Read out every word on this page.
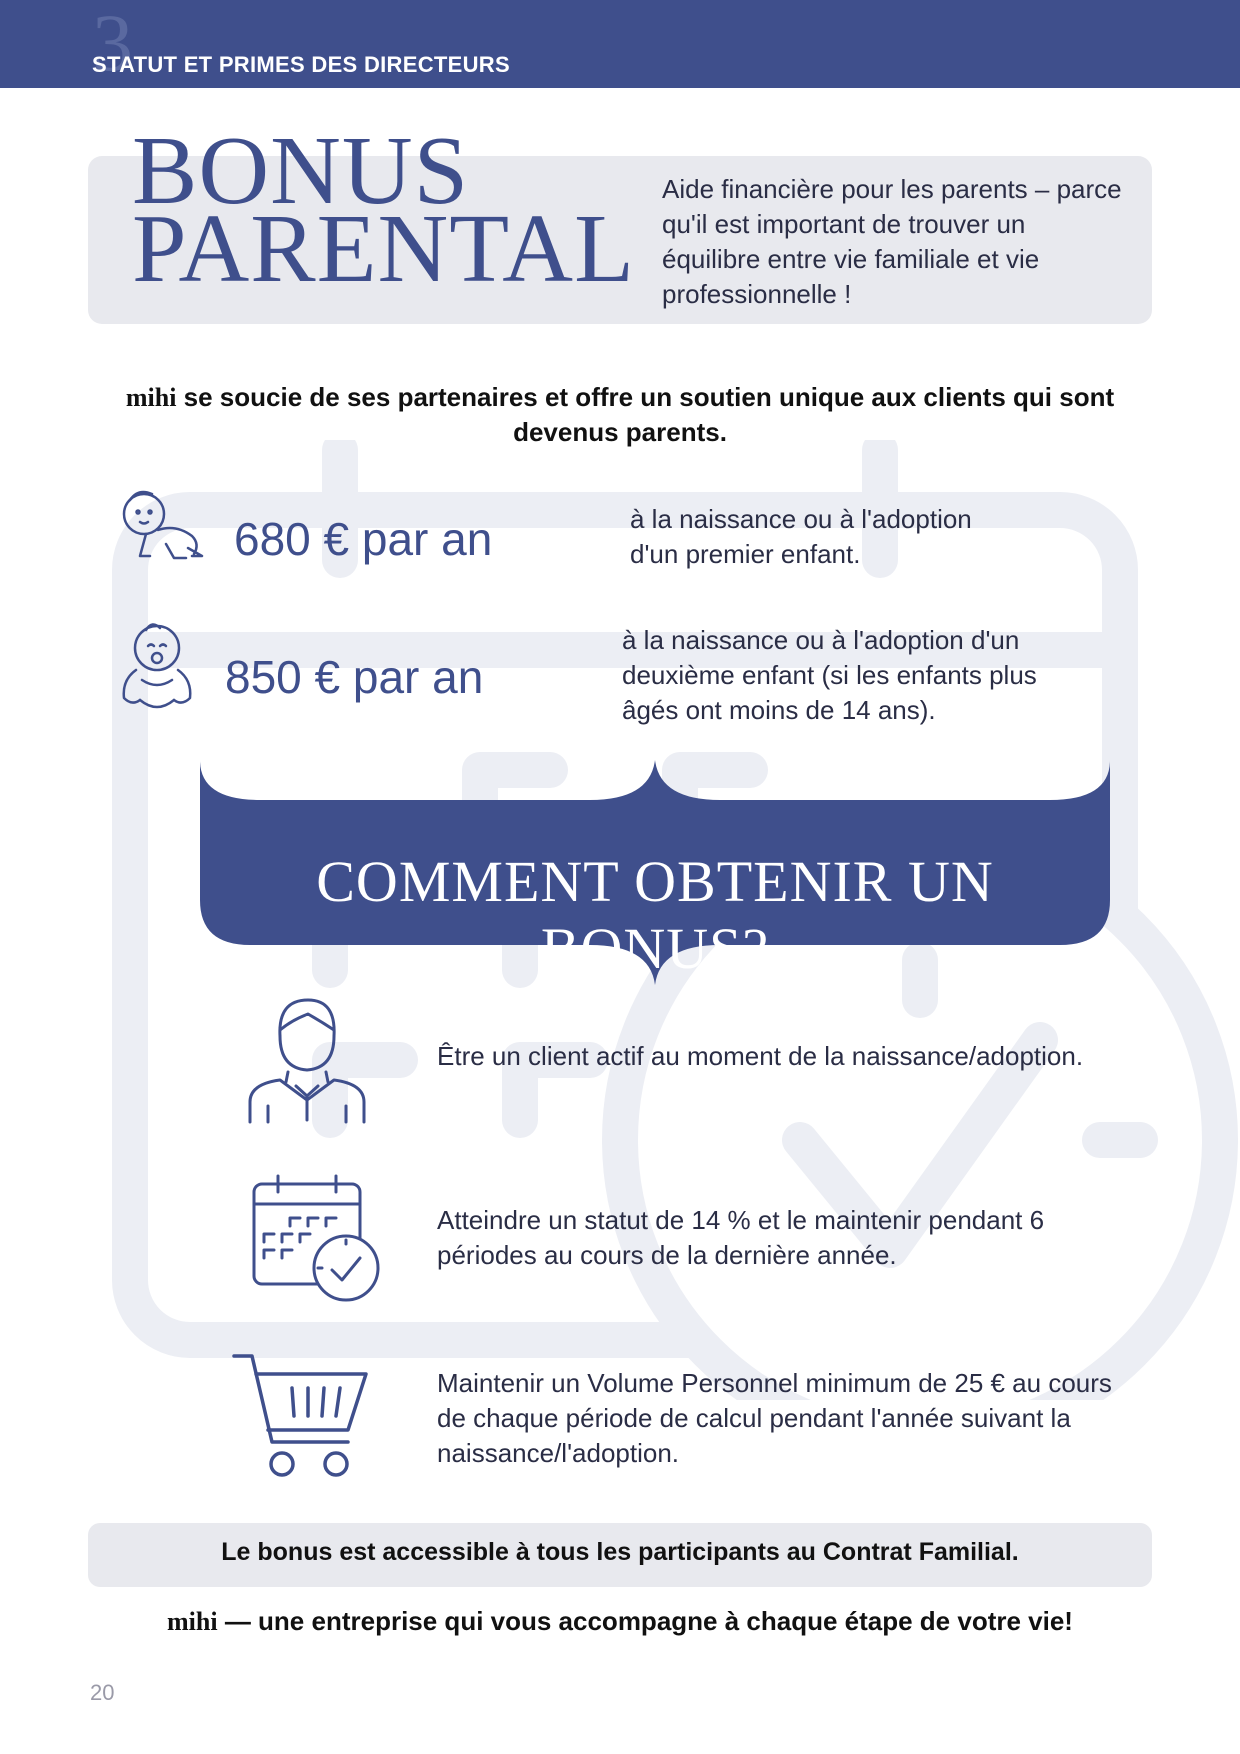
3
STATUT ET PRIMES DES DIRECTEURS
BONUS
PARENTAL
Aide financière pour les parents – parce qu'il est important de trouver un équilibre entre vie familiale et vie professionnelle !
mihi se soucie de ses partenaires et offre un soutien unique aux clients qui sont devenus parents.
680 € par an	à la naissance ou à l'adoption d'un premier enfant.
850 € par an
à la naissance ou à l'adoption d'un deuxième enfant (si les enfants plus âgés ont moins de 14 ans).
COMMENT OBTENIR UN BONUS?
Être un client actif au moment de la naissance/adoption.
Atteindre un statut de 14 % et le maintenir pendant 6 périodes au cours de la dernière année.
Maintenir un Volume Personnel minimum de 25 € au cours de chaque période de calcul pendant l'année suivant la naissance/l'adoption.
Le bonus est accessible à tous les participants au Contrat Familial.
mihi — une entreprise qui vous accompagne à chaque étape de votre vie!
20
